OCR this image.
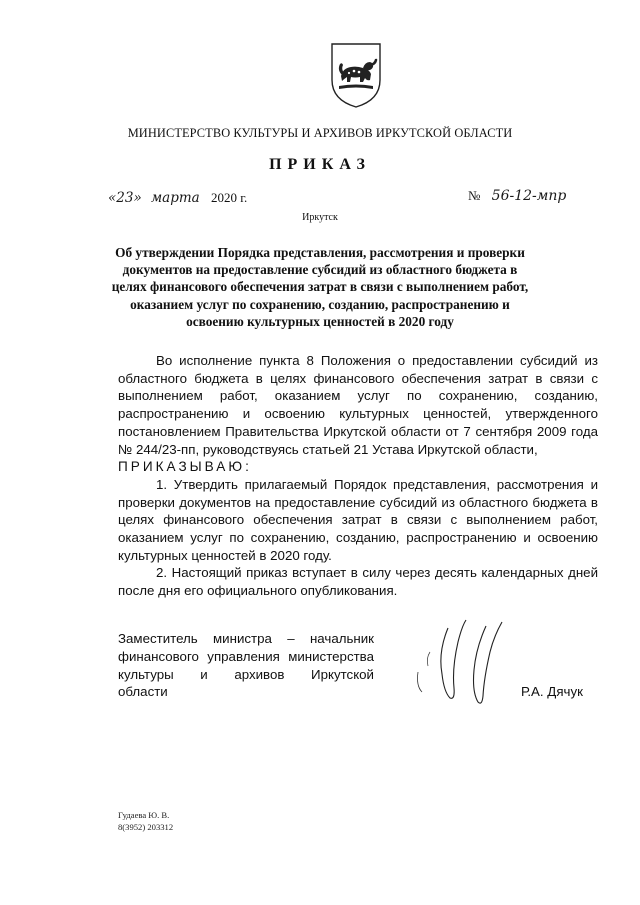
МИНИСТЕРСТВО КУЛЬТУРЫ И АРХИВОВ ИРКУТСКОЙ ОБЛАСТИ
ПРИКАЗ
«23» марта 2020 г.	№ 56-12-мпр
Иркутск
Об утверждении Порядка представления, рассмотрения и проверки документов на предоставление субсидий из областного бюджета в целях финансового обеспечения затрат в связи с выполнением работ, оказанием услуг по сохранению, созданию, распространению и освоению культурных ценностей в 2020 году

Во исполнение пункта 8 Положения о предоставлении субсидий из областного бюджета в целях финансового обеспечения затрат в связи с выполнением работ, оказанием услуг по сохранению, созданию, распространению и освоению культурных ценностей, утвержденного постановлением Правительства Иркутской области от 7 сентября 2009 года № 244/23-пп, руководствуясь статьей 21 Устава Иркутской области,

ПРИКАЗЫВАЮ:

1. Утвердить прилагаемый Порядок представления, рассмотрения и проверки документов на предоставление субсидий из областного бюджета в целях финансового обеспечения затрат в связи с выполнением работ, оказанием услуг по сохранению, созданию, распространению и освоению культурных ценностей в 2020 году.

2. Настоящий приказ вступает в силу через десять календарных дней после дня его официального опубликования.

Заместитель министра – начальник
финансового управления министерства
культуры и архивов Иркутской
области	Р.А. Дячук
Гудаева Ю. В.
8(3952) 203312
